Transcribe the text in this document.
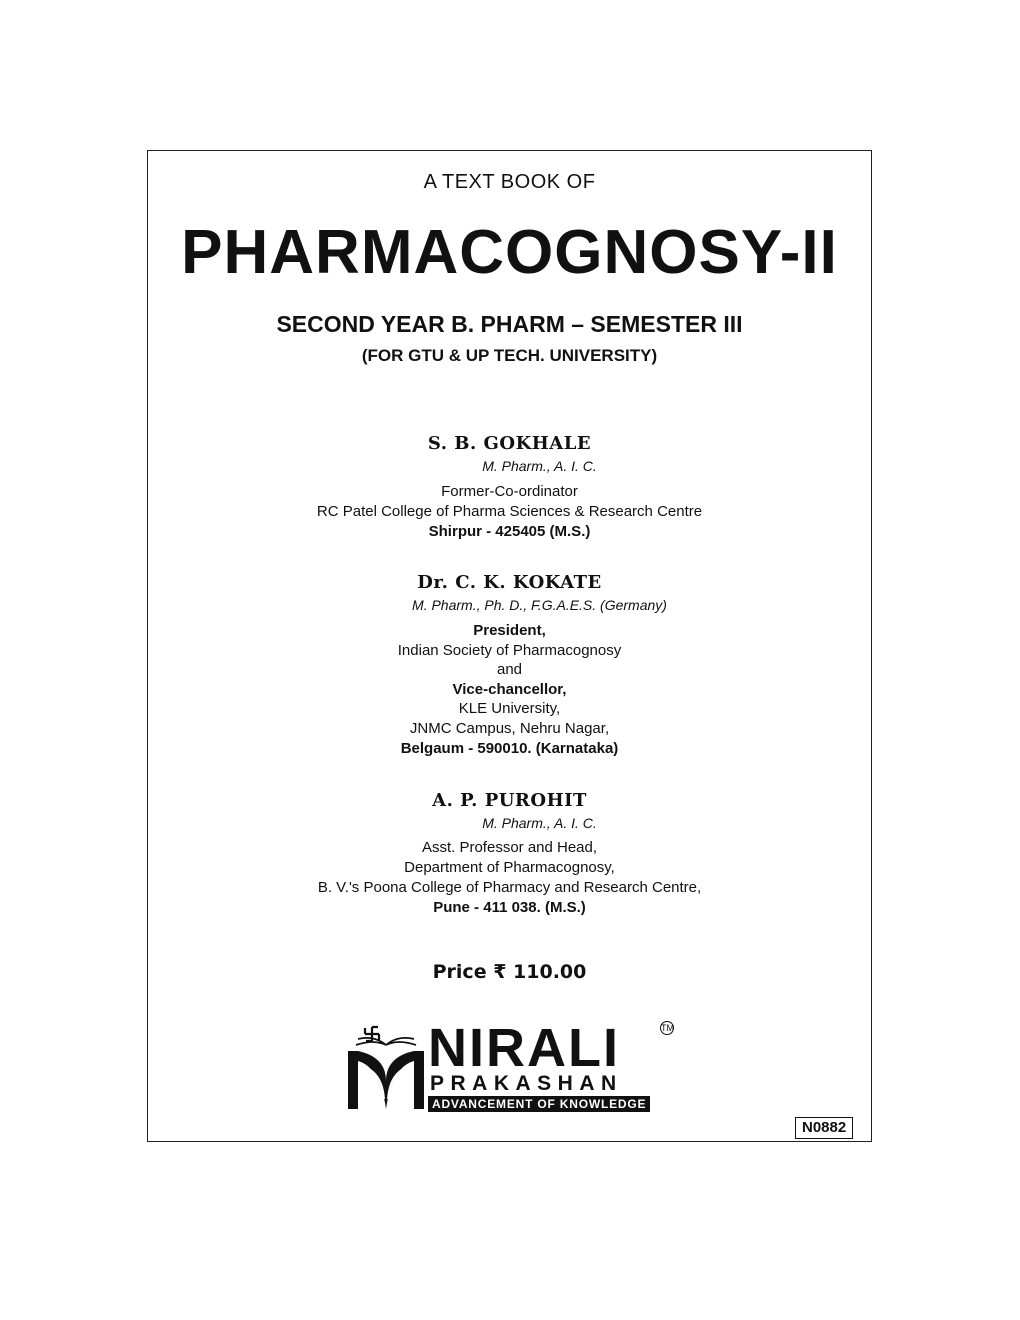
A TEXT BOOK OF
PHARMACOGNOSY-II
SECOND YEAR B. PHARM – SEMESTER III
(FOR GTU & UP TECH. UNIVERSITY)
S. B. GOKHALE
M. Pharm., A. I. C.
Former-Co-ordinator
RC Patel College of Pharma Sciences & Research Centre
Shirpur - 425405 (M.S.)
Dr. C. K. KOKATE
M. Pharm., Ph. D., F.G.A.E.S. (Germany)
President,
Indian Society of Pharmacognosy
and
Vice-chancellor,
KLE University,
JNMC Campus, Nehru Nagar,
Belgaum - 590010. (Karnataka)
A. P. PUROHIT
M. Pharm., A. I. C.
Asst. Professor and Head,
Department of Pharmacognosy,
B. V.'s Poona College of Pharmacy and Research Centre,
Pune - 411 038. (M.S.)
Price ₹ 110.00
NIRALI	TM
PRAKASHAN
ADVANCEMENT OF KNOWLEDGE
N0882
